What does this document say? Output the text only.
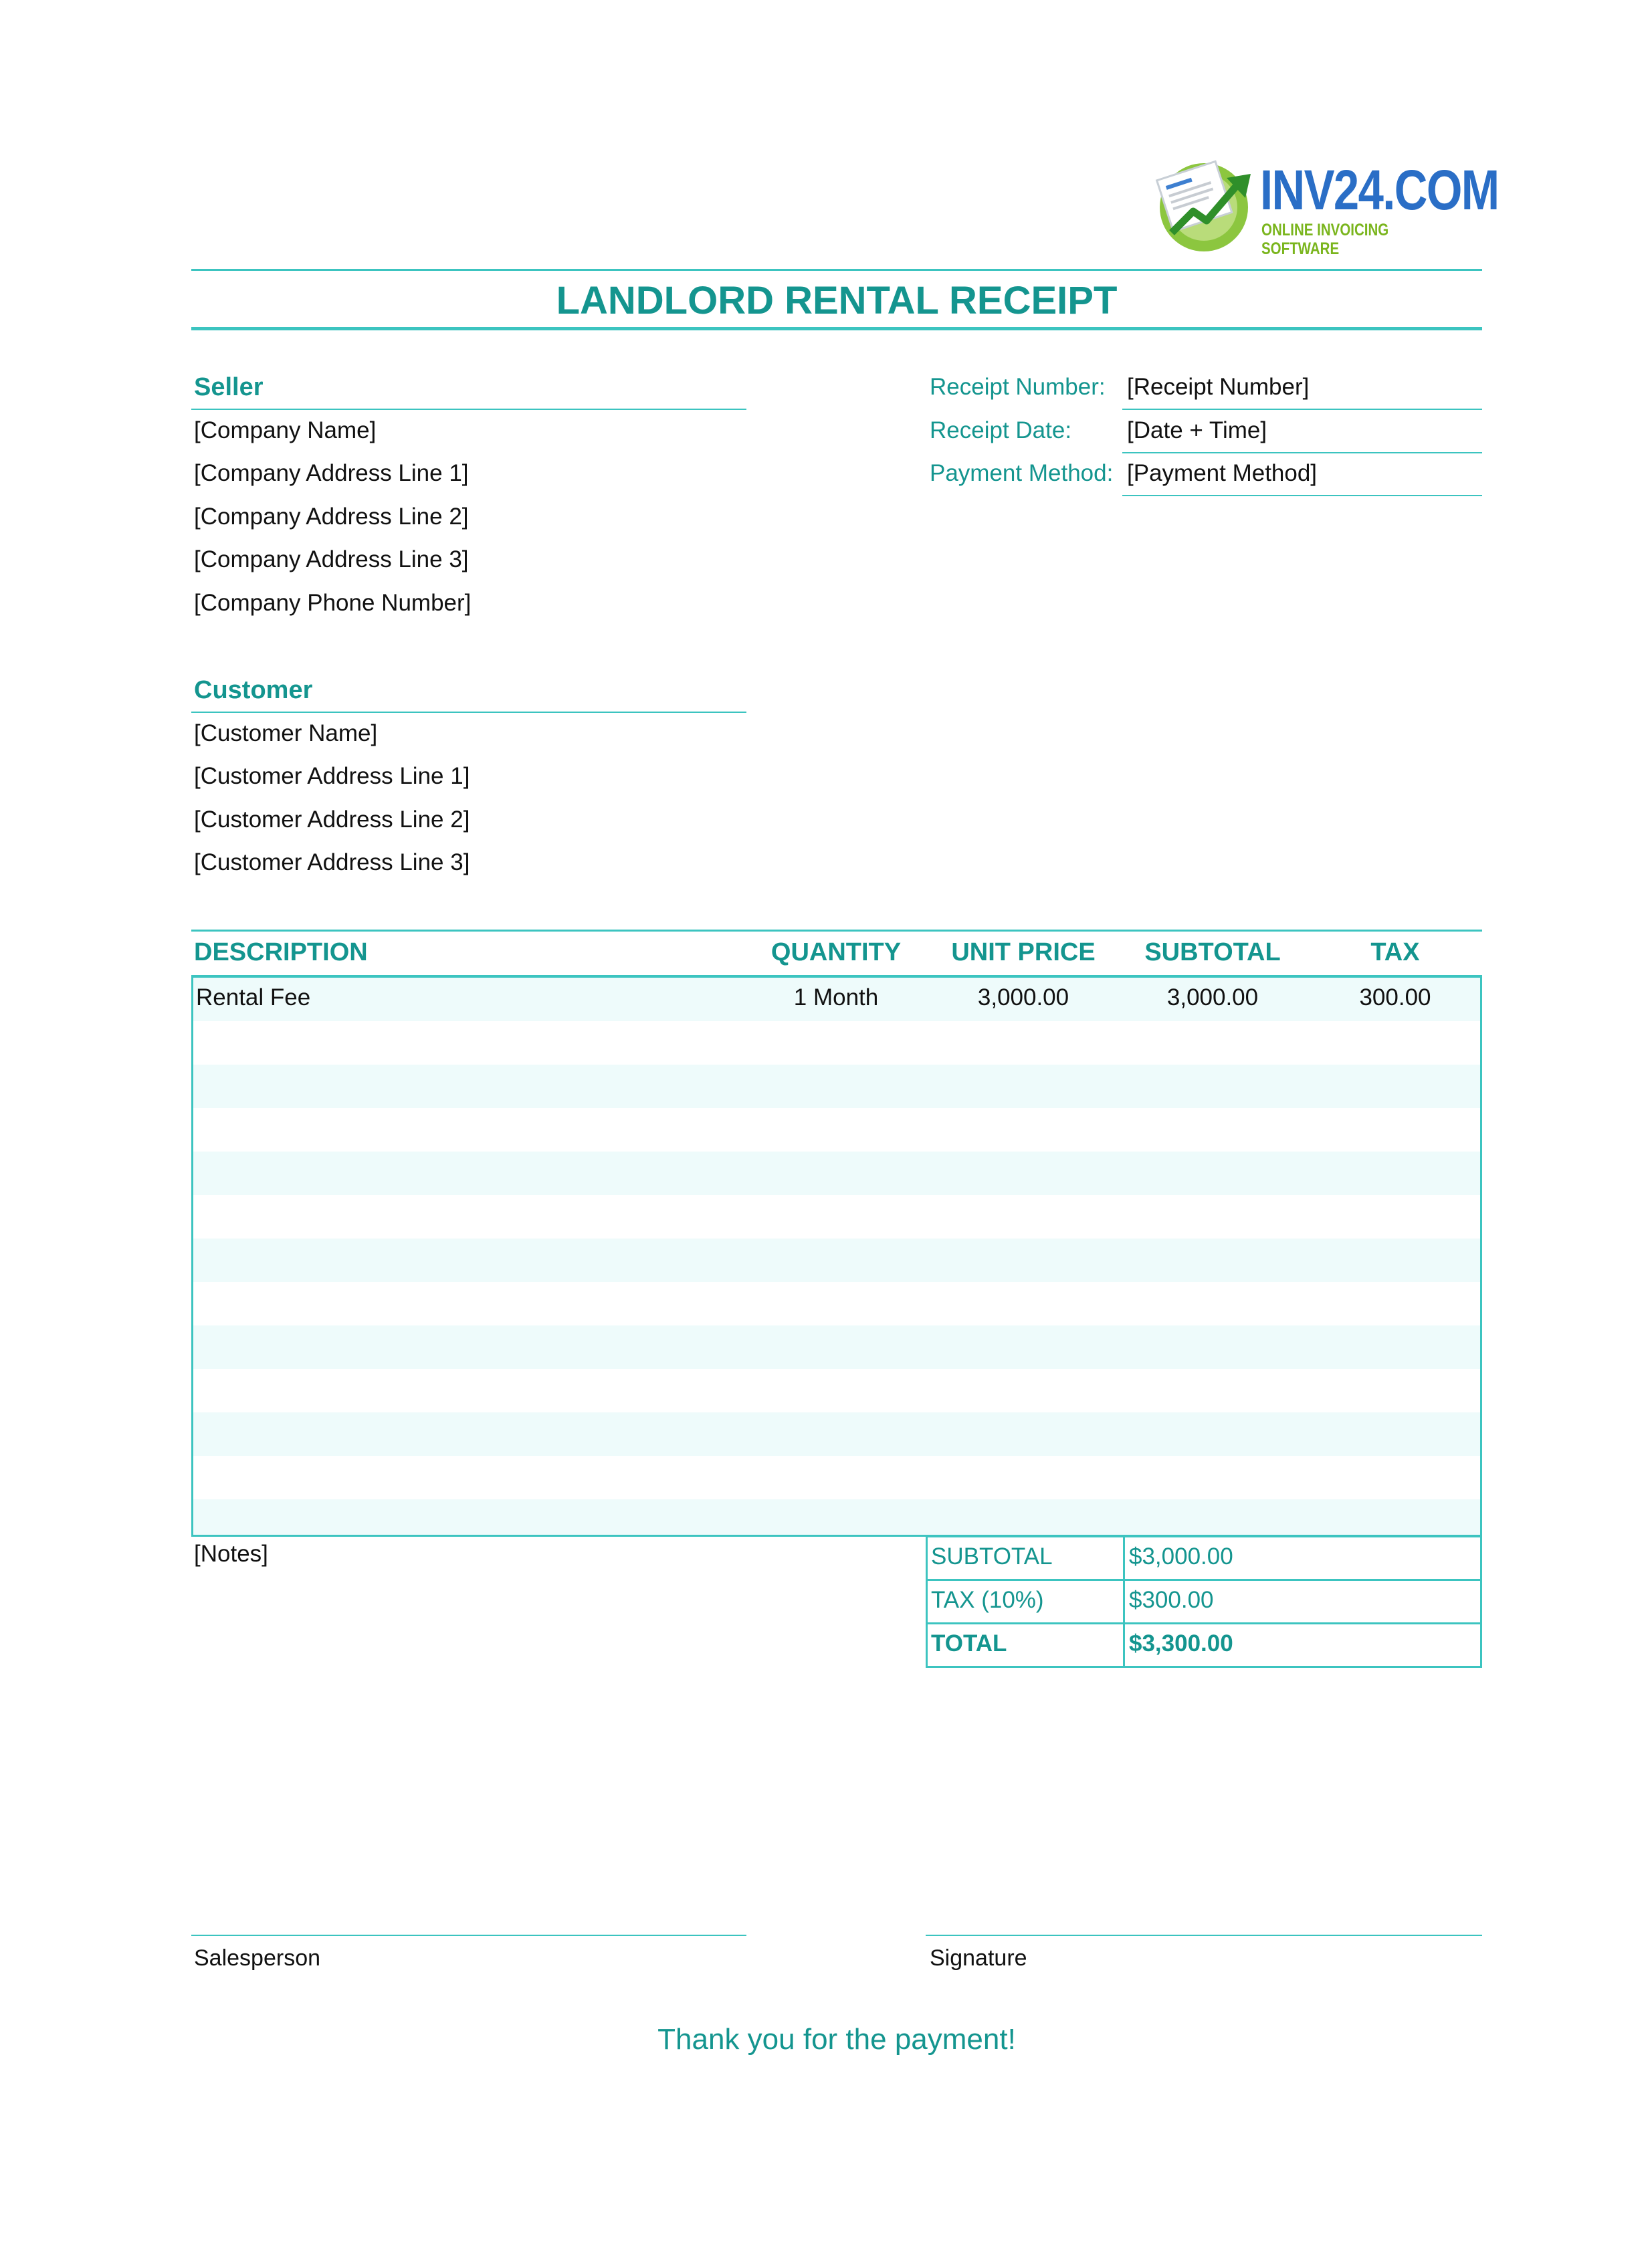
INV24.COM
ONLINE INVOICING SOFTWARE
LANDLORD RENTAL RECEIPT
Seller
[Company Name]
[Company Address Line 1]
[Company Address Line 2]
[Company Address Line 3]
[Company Phone Number]
Receipt Number: [Receipt Number]
Receipt Date: [Date + Time]
Payment Method: [Payment Method]
Customer
[Customer Name]
[Customer Address Line 1]
[Customer Address Line 2]
[Customer Address Line 3]
DESCRIPTION	QUANTITY	UNIT PRICE	SUBTOTAL	TAX
Rental Fee	1 Month	3,000.00	3,000.00	300.00
[Notes]	SUBTOTAL	$3,000.00
TAX (10%)	$300.00
TOTAL	$3,300.00
Salesperson	Signature
Thank you for the payment!
